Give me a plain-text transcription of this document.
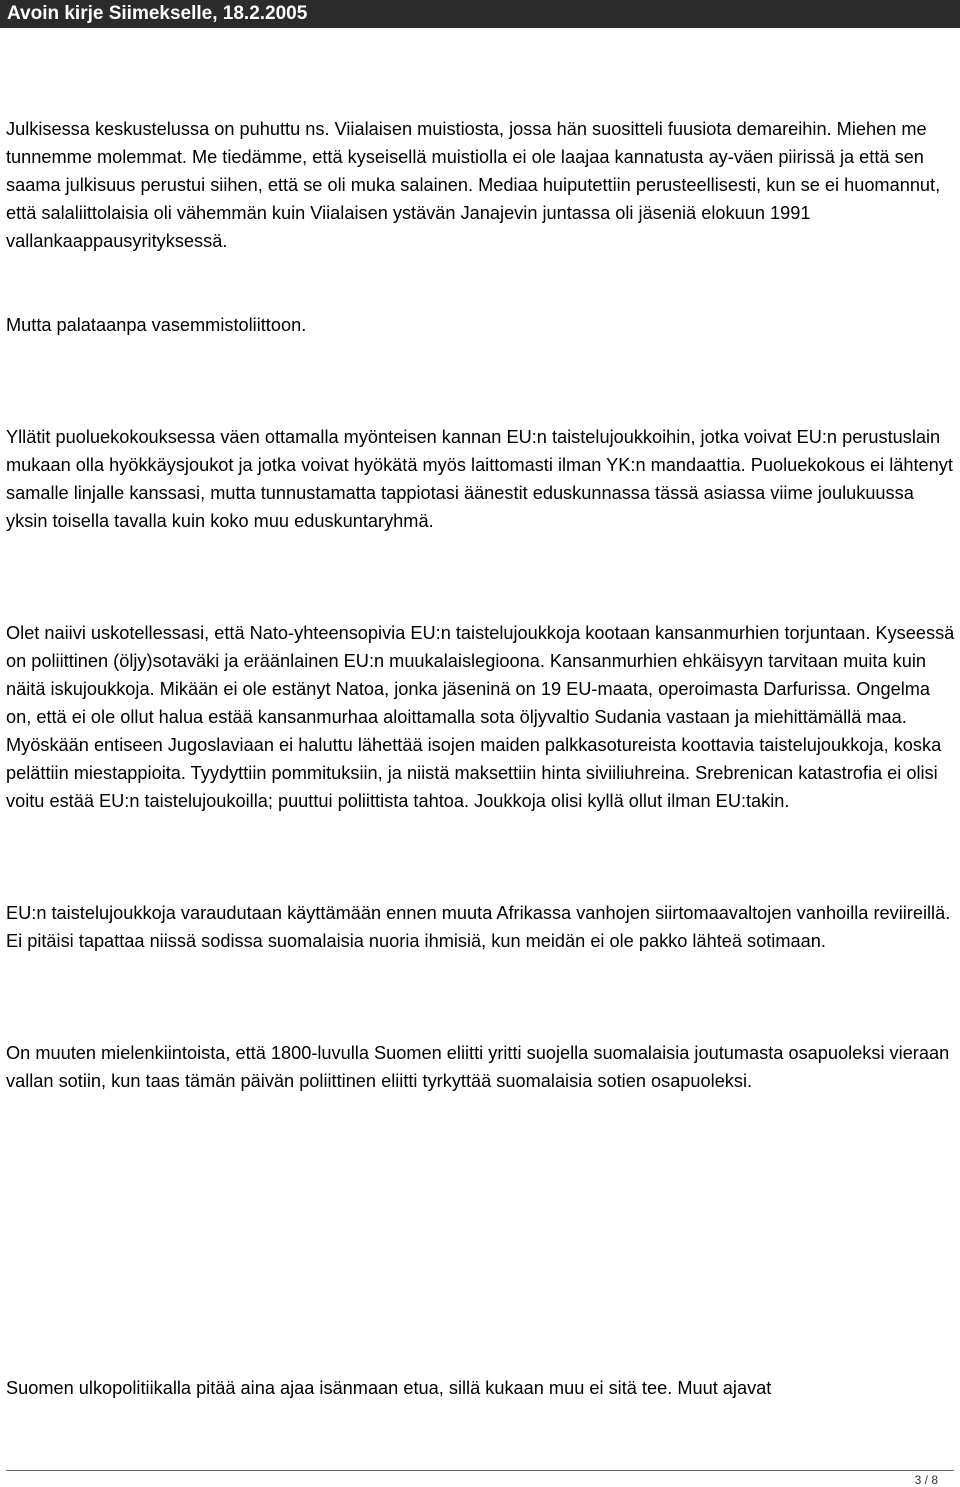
Avoin kirje Siimekselle, 18.2.2005

Julkisessa keskustelussa on puhuttu ns. Viialaisen muistiosta, jossa hän suositteli fuusiota demareihin. Miehen me tunnemme molemmat. Me tiedämme, että kyseisellä muistiolla ei ole laajaa kannatusta ay-väen piirissä ja että sen saama julkisuus perustui siihen, että se oli muka salainen. Mediaa huiputettiin perusteellisesti, kun se ei huomannut, että salaliittolaisia oli vähemmän kuin Viialaisen ystävän Janajevin juntassa oli jäseniä elokuun 1991 vallankaappausyrityksessä.

Mutta palataanpa vasemmistoliittoon.

Yllätit puoluekokouksessa väen ottamalla myönteisen kannan EU:n taistelujoukkoihin, jotka voivat EU:n perustuslain mukaan olla hyökkäysjoukot ja jotka voivat hyökätä myös laittomasti ilman YK:n mandaattia. Puoluekokous ei lähtenyt samalle linjalle kanssasi, mutta tunnustamatta tappiotasi äänestit eduskunnassa tässä asiassa viime joulukuussa yksin toisella tavalla kuin koko muu eduskuntaryhmä.

Olet naiivi uskotellessasi, että Nato-yhteensopivia EU:n taistelujoukkoja kootaan kansanmurhien torjuntaan. Kyseessä on poliittinen (öljy)sotaväki ja eräänlainen EU:n muukalaislegioona. Kansanmurhien ehkäisyyn tarvitaan muita kuin näitä iskujoukkoja. Mikään ei ole estänyt Natoa, jonka jäseninä on 19 EU-maata, operoimasta Darfurissa. Ongelma on, että ei ole ollut halua estää kansanmurhaa aloittamalla sota öljyvaltio Sudania vastaan ja miehittämällä maa. Myöskään entiseen Jugoslaviaan ei haluttu lähettää isojen maiden palkkasotureista koottavia taistelujoukkoja, koska pelättiin miestappioita. Tyydyttiin pommituksiin, ja niistä maksettiin hinta siviiliuhreina. Srebrenican katastrofia ei olisi voitu estää EU:n taistelujoukoilla; puuttui poliittista tahtoa. Joukkoja olisi kyllä ollut ilman EU:takin.

EU:n taistelujoukkoja varaudutaan käyttämään ennen muuta Afrikassa vanhojen siirtomaavaltojen vanhoilla reviireillä. Ei pitäisi tapattaa niissä sodissa suomalaisia nuoria ihmisiä, kun meidän ei ole pakko lähteä sotimaan.

On muuten mielenkiintoista, että 1800-luvulla Suomen eliitti yritti suojella suomalaisia joutumasta osapuoleksi vieraan vallan sotiin, kun taas tämän päivän poliittinen eliitti tyrkyttää suomalaisia sotien osapuoleksi.

Suomen ulkopolitiikalla pitää aina ajaa isänmaan etua, sillä kukaan muu ei sitä tee. Muut ajavat
3 / 8
